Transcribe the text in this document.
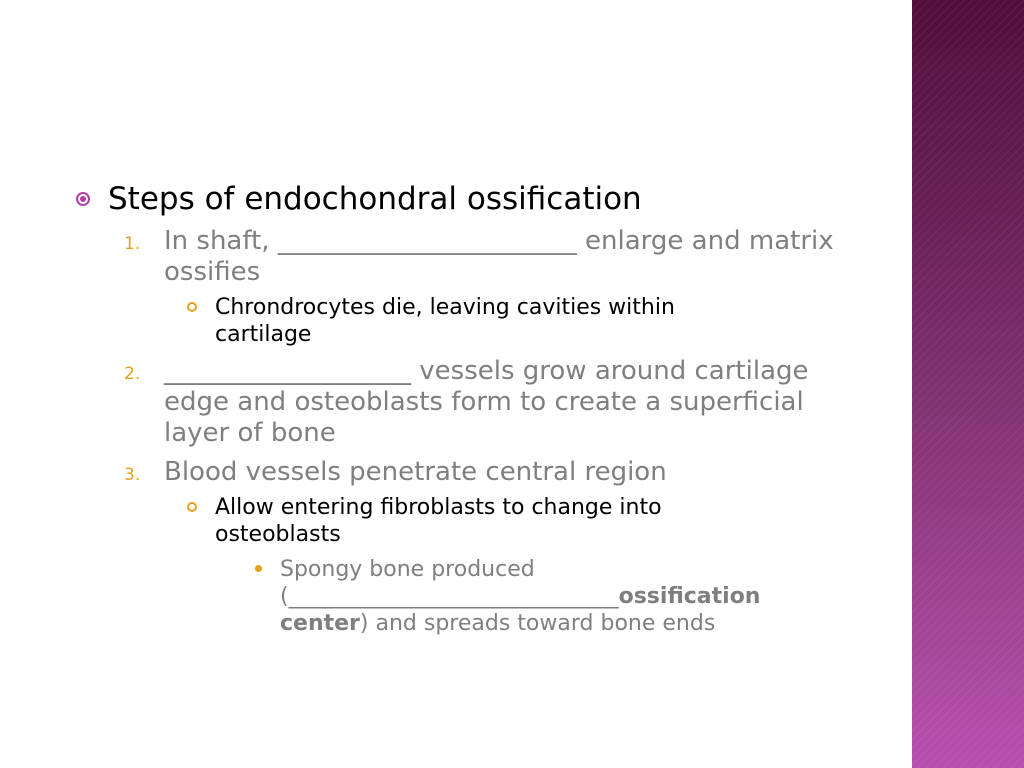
Steps of endochondral ossification
1. In shaft, _______________________ enlarge and matrix ossifies
Chrondrocytes die, leaving cavities within cartilage
2. ___________________ vessels grow around cartilage edge and osteoblasts form to create a superficial layer of bone
3. Blood vessels penetrate central region
Allow entering fibroblasts to change into osteoblasts
Spongy bone produced (______________________________ossification center) and spreads toward bone ends
